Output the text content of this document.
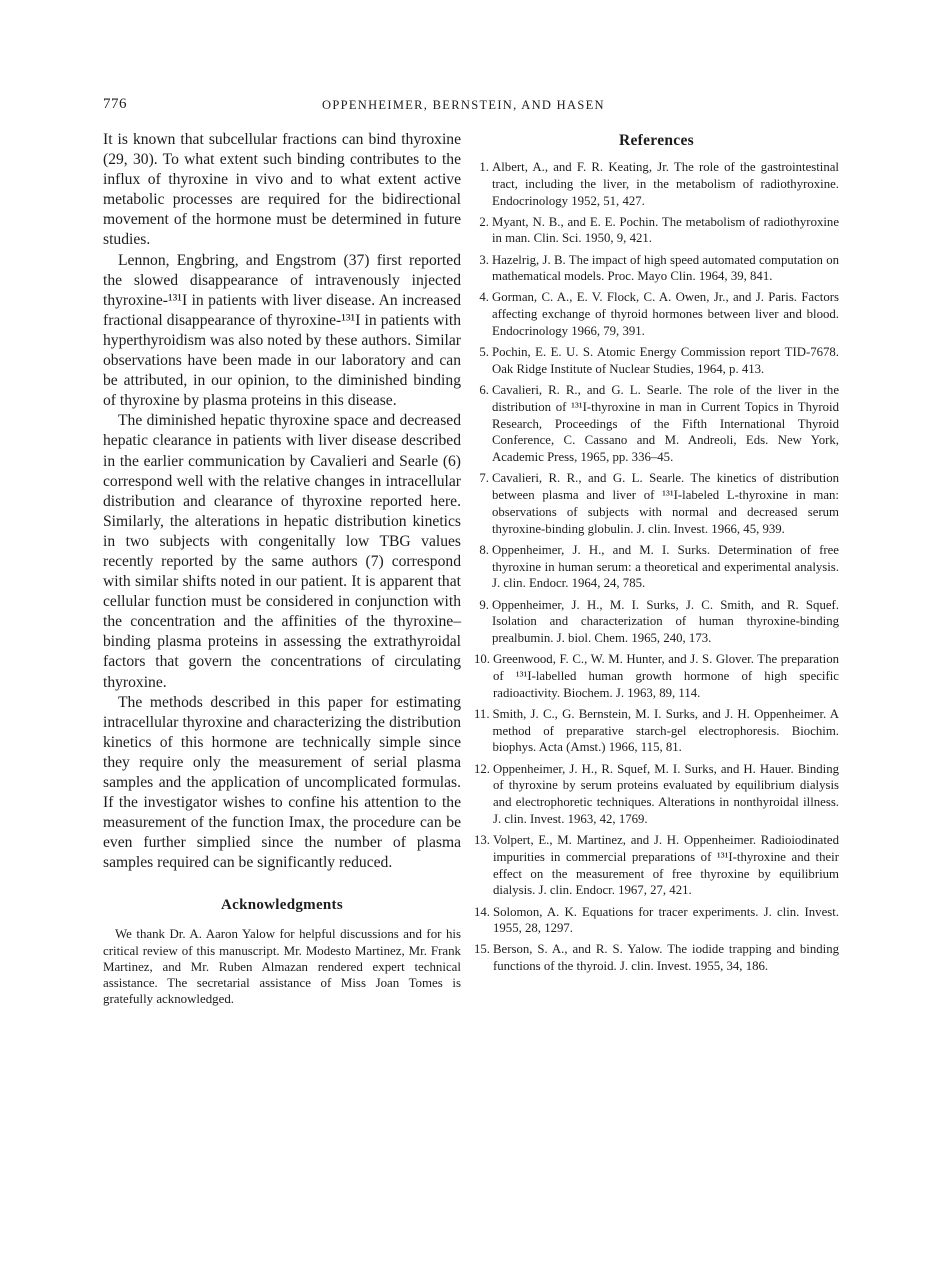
776	OPPENHEIMER, BERNSTEIN, AND HASEN

It is known that subcellular fractions can bind thyroxine (29, 30). To what extent such binding contributes to the influx of thyroxine in vivo and to what extent active metabolic processes are required for the bidirectional movement of the hormone must be determined in future studies.

Lennon, Engbring, and Engstrom (37) first reported the slowed disappearance of intravenously injected thyroxine-¹³¹I in patients with liver disease. An increased fractional disappearance of thyroxine-¹³¹I in patients with hyperthyroidism was also noted by these authors. Similar observations have been made in our laboratory and can be attributed, in our opinion, to the diminished binding of thyroxine by plasma proteins in this disease.

The diminished hepatic thyroxine space and decreased hepatic clearance in patients with liver disease described in the earlier communication by Cavalieri and Searle (6) correspond well with the relative changes in intracellular distribution and clearance of thyroxine reported here. Similarly, the alterations in hepatic distribution kinetics in two subjects with congenitally low TBG values recently reported by the same authors (7) correspond with similar shifts noted in our patient. It is apparent that cellular function must be considered in conjunction with the concentration and the affinities of the thyroxine–binding plasma proteins in assessing the extrathyroidal factors that govern the concentrations of circulating thyroxine.

The methods described in this paper for estimating intracellular thyroxine and characterizing the distribution kinetics of this hormone are technically simple since they require only the measurement of serial plasma samples and the application of uncomplicated formulas. If the investigator wishes to confine his attention to the measurement of the function Imax, the procedure can be even further simplied since the number of plasma samples required can be significantly reduced.

Acknowledgments

We thank Dr. A. Aaron Yalow for helpful discussions and for his critical review of this manuscript. Mr. Modesto Martinez, Mr. Frank Martinez, and Mr. Ruben Almazan rendered expert technical assistance. The secretarial assistance of Miss Joan Tomes is gratefully acknowledged.

References
1. Albert, A., and F. R. Keating, Jr. The role of the gastrointestinal tract, including the liver, in the metabolism of radiothyroxine. Endocrinology 1952, 51, 427.
2. Myant, N. B., and E. E. Pochin. The metabolism of radiothyroxine in man. Clin. Sci. 1950, 9, 421.
3. Hazelrig, J. B. The impact of high speed automated computation on mathematical models. Proc. Mayo Clin. 1964, 39, 841.
4. Gorman, C. A., E. V. Flock, C. A. Owen, Jr., and J. Paris. Factors affecting exchange of thyroid hormones between liver and blood. Endocrinology 1966, 79, 391.
5. Pochin, E. E. U. S. Atomic Energy Commission report TID-7678. Oak Ridge Institute of Nuclear Studies, 1964, p. 413.
6. Cavalieri, R. R., and G. L. Searle. The role of the liver in the distribution of ¹³¹I-thyroxine in man in Current Topics in Thyroid Research, Proceedings of the Fifth International Thyroid Conference, C. Cassano and M. Andreoli, Eds. New York, Academic Press, 1965, pp. 336–45.
7. Cavalieri, R. R., and G. L. Searle. The kinetics of distribution between plasma and liver of ¹³¹I-labeled L-thyroxine in man: observations of subjects with normal and decreased serum thyroxine-binding globulin. J. clin. Invest. 1966, 45, 939.
8. Oppenheimer, J. H., and M. I. Surks. Determination of free thyroxine in human serum: a theoretical and experimental analysis. J. clin. Endocr. 1964, 24, 785.
9. Oppenheimer, J. H., M. I. Surks, J. C. Smith, and R. Squef. Isolation and characterization of human thyroxine-binding prealbumin. J. biol. Chem. 1965, 240, 173.
10. Greenwood, F. C., W. M. Hunter, and J. S. Glover. The preparation of ¹³¹I-labelled human growth hormone of high specific radioactivity. Biochem. J. 1963, 89, 114.
11. Smith, J. C., G. Bernstein, M. I. Surks, and J. H. Oppenheimer. A method of preparative starch-gel electrophoresis. Biochim. biophys. Acta (Amst.) 1966, 115, 81.
12. Oppenheimer, J. H., R. Squef, M. I. Surks, and H. Hauer. Binding of thyroxine by serum proteins evaluated by equilibrium dialysis and electrophoretic techniques. Alterations in nonthyroidal illness. J. clin. Invest. 1963, 42, 1769.
13. Volpert, E., M. Martinez, and J. H. Oppenheimer. Radioiodinated impurities in commercial preparations of ¹³¹I-thyroxine and their effect on the measurement of free thyroxine by equilibrium dialysis. J. clin. Endocr. 1967, 27, 421.
14. Solomon, A. K. Equations for tracer experiments. J. clin. Invest. 1955, 28, 1297.
15. Berson, S. A., and R. S. Yalow. The iodide trapping and binding functions of the thyroid. J. clin. Invest. 1955, 34, 186.
